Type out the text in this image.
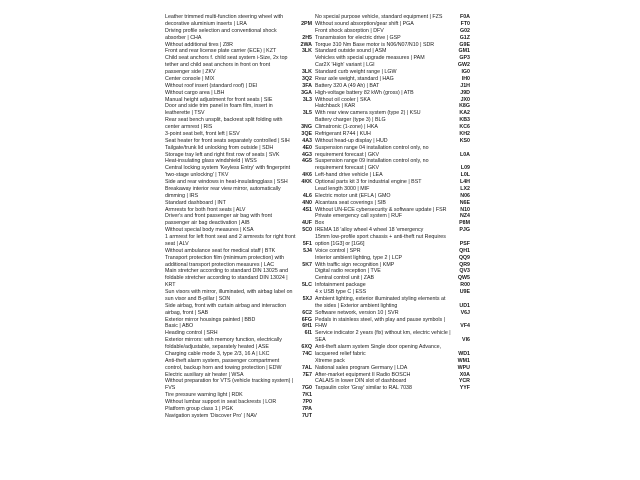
Leather trimmed multi-function steering wheel with decorative aluminium inserts | LRA	2PM
Driving profile selection and conventional shock absorber | CHA	2H5
Without additional tires | Z8R	2WA
Front and rear license plate carrier (ECE) | KZT	3LK
Child seat anchors f. child seat system i-Size, 2x top tether and child seat anchors in front on front passenger side | ZKV	3LK
Center console | MIX	3Q2
Without roof insert (standard roof) | DEI	3FA
Without cargo area | LBH	3GA
Manual height adjustment for front seats | SIE	3L3
Door and side trim panel in foam film, insert in leatherette | TSV	3L5
Rear seat bench unsplit, backrest split folding with center armrest | RIS	3NG
3-point seat belt, front left | ESV	3QE
Seat heater for front seats separately controlled | SIH	4A3
Tailgate/trunk lid unlocking from outside | SDH	4E0
Storage tray left and right first row of seats | SVK	4G3
Heat-insulating glass windshield | WSS	4G5
Central locking system 'Keyless Entry' with fingerprint 'two-stage unlocking' | TKV	4K6
Side and rear windows in heat-insulatingglass | SSH	4KK
Breakaway interior rear view mirror, automatically dimming | IRS	4L6
Standard dashboard | INT	4N0
Armrests for both front seats | ALV	4S1
Driver's and front passenger air bag with front passenger air bag deactivation | AIB	4UF
Without special body measures | KSA	5C0
1 armrest for left front seat and 2 armrests for right front seat | ALV	5F1
Without ambulance seat for medical staff | BTK	5J4
Transport protection film (minimum protection) with additional transport protection measures | LAC	5K7
Main stretcher according to standard DIN 13025 and foldable stretcher according to standard DIN 13024 | KRT	5LC
Sun visors with mirror, illuminated, with airbag label on sun visor and B-pillar | SON	5XJ
Side airbag, front with curtain airbag and interaction airbag, front | SAB	6C2
Exterior mirror housings painted | BBD	6FG
Basic | ABO	6H1
Heading control | SRH	6I1
Exterior mirrors: with memory function, electrically foldable/adjustable, separately heated | ASE	6XQ
Charging cable mode 3, type 2/3, 16 A | LKC	74C
Anti-theft alarm system, passenger compartment control, backup horn and towing protection | EDW	7AL
Electric auxiliary air heater | WSA	7E7
Without preparation for VTS (vehicle tracking system) | FVS	7G0
Tire pressure warning light | RDK	7K1
Without lumbar support in seat backrests | LOR	7P0
Platform group class 1 | PGK	7PA
Navigation system 'Discover Pro' | NAV	7UT
No special purpose vehicle, standard equipment | FZS	F0A
Without sound absorption/gear shift | PGA	FT0
Front shock absorption | DFV	G02
Transmission for electric drive | GSP	G1Z
Torque 310 Nm Base motor is N06/N07/N10 | SDR	G9E
Standard outside sound | ASM	GM1
Vehicles with special upgrade measures | PAM	GP3
Car2X 'High' variant | LGI	GW2
Standard curb weight range | LGW	IG0
Rear axle weight, standard | HAG	IH0
Battery 320 A (49 Ah) | BAT	J1H
High-voltage battery 82 kWh (gross) | ATB	J9D
Without oil cooler | SKA	JX0
Hatchback | KAR	K8G
With rear view camera system (type 2) | KSU	KA2
Battery charger (type 3) | BLG	KB3
Climatronic (1-zone) | HKA	KC6
Refrigerant R744 | KUH	KH2
Without head-up display | HUD	KS0
Suspension range 04 installation control only, no requirement forecast | GKV	L0A
Suspension range 09 installation control only, no requirement forecast | GKV	L09
Left-hand drive vehicle | LEA	L0L
Optional parts kit 3 for industrial engine | BST	L4H
Lead length 3000 | MIF	LX2
Electric motor unit (EFLA | GMO	N06
Alcantara seat coverings | SIB	N6E
Without UN-ECE cybersecurity & software update | FSR	N10
Private emergency call system | RUF	NZ4
Box	P8M
IREMA 18 'alloy wheel 4 wheel 18 'emergency	PJG
15mm low-profile sport chassis + anti-theft nut Requires option [1G3] or [1G6]	PSF
Voice control | SPR	QH1
Interior ambient lighting, type 2 | LCP	QQ9
With traffic sign recognition | KMP	QR9
Digital radio reception | TVE	QV3
Central control unit | ZAB	QW5
Infotainment package	R00
4 x USB type C | ESS	U9E
Ambient lighting, exterior illuminated styling elements at the sides | Exterior ambient lighting	UD1
Software network, version 10 | SVR	V6J
Pedals in stainless steel, with play and pause symbols | FHW	VF4
Service indicator 2 years (fix) without km, electric vehicle | SEA	VI6
Anti-theft alarm system Single door opening Advance, lacquered relief fabric	WD1
Xtreme pack	WM1
National sales program Germany | LDA	WPU
After-market equipment II Radio BOSCH	X0A
CALAIS in lower DIN slot of dashboard	YCR
Tarpaulin color 'Gray' similar to RAL 7038	YYF
